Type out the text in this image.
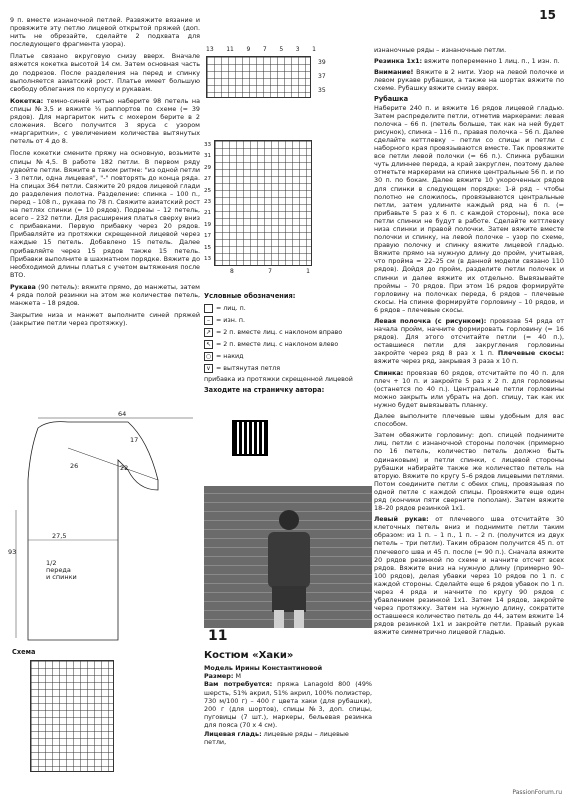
15

9 п. вместе изнаночной петлей. Развяжите вязание и провяжите эту петлю лицевой открытой пряжей (доп. нить не обрезайте, сделайте 2 подхвата для последующего фрагмента узора).

Платье связано вкруговую снизу вверх. Вначале вяжется кокетка высотой 14 см. Затем основная часть до подрезов. После разделения на перед и спинку выполняется азиатский рост. Платье имеет большую свободу облегания по корпусу и рукавам.

Кокетка: темно-синей нитью наберите 98 петель на спицы №3,5 и вяжите ¼ раппортов по схеме (= 39 рядов). Для маргариток нить с мохером берите в 2 сложения. Всего получится 3 яруса с узором «маргаритки», с увеличением количества вытянутых петель от 4 до 8.

После кокетки смените пряжу на основную, возьмите спицы №4,5. В работе 182 петли. В первом ряду удвойте петли. Вяжите в таком ритме: "из одной петли - 3 петли, одна лицевая", "-" повторять до конца ряда. На спицах 364 петли. Свяжите 20 рядов лицевой глади до разделения полотна. Разделение: спинка – 100 п., перед – 108 п., рукава по 78 п. Свяжите азиатский рост на петлях спинки (= 10 рядов). Подрезы – 12 петель, всего – 232 петли. Для расширения платья сверху вниз с прибавками. Первую прибавку через 20 рядов. Прибавляйте из протяжки скрещенной лицевой через каждые 15 петель. Добавлено 15 петель. Далее прибавляйте через 15 рядов также 15 петель. Прибавки выполните в шахматном порядке. Вяжите до необходимой длины платья с учетом вытяжения после ВТО.

Рукава (90 петель): вяжите прямо, до манжеты, затем 4 ряда полой резинки на этом же количестве петель, манжета – 18 рядов.

Закрытие низа и манжет выполните синей пряжей (закрытие петли через протяжку).

64
17
26	22
27,5
93
1/2
переда
и спинки
Схема
13 11 9 7 5 3 1
39
37
35
33
31
29
27
25
23
21
19
17
15
13
8	7	1
Условные обозначения:
= лиц. п.
– = изн. п.
↗ = 2 п. вместе лиц. с наклоном вправо
↖ = 2 п. вместе лиц. с наклоном влево
○ = накид
∨ = вытянутая петля
прибавка из протяжки скрещенной лицевой
Заходите на страничку автора:
11
Костюм «Хаки»
Модель Ирины Константиновой
Размер: M

Вам потребуется: пряжа Lanagold 800 (49% шерсть, 51% акрил, 51% акрил, 100% полиэстер, 730 м/100 г) – 400 г цвета хаки (для рубашки), 200 г (для шортов), спицы №3, доп. спицы, пуговицы (7 шт.), маркеры, бельевая резинка для пояса (70 х 4 см).

Лицевая гладь: лицевые ряды – лицевые петли,

изнаночные ряды – изнаночные петли.

Резинка 1х1: вяжите попеременно 1 лиц. п., 1 изн. п.

Внимание! Вяжите в 2 нити. Узор на левой полочке и левом рукаве рубашки, а также на шортах вяжите по схеме. Рубашку вяжите снизу вверх.

Рубашка

Наберите 240 п. и вяжите 16 рядов лицевой гладью. Затем распределите петли, отметив маркерами: левая полочка – 66 п. (петель больше, так как на ней будет рисунок), спинка – 116 п., правая полочка – 56 п. Далее сделайте кеттлевку – петли со спицы и петли с наборного края провязываются вместе. Так провяжите все петли левой полочки (= 66 п.). Спинка рубашки чуть длиннее переда, а край закруглен, поэтому далее отметьте маркерами на спинке центральные 56 п. и по 30 п. по бокам. Далее вяжите 10 укороченных рядов для спинки в следующем порядке: 1-й ряд – чтобы полотно не сложилось, провязываются центральные петли, затем удлините каждый ряд на 6 п. (= прибавьте 5 раз х 6 п. с каждой стороны), пока все петли спинки не будут в работе. Сделайте кеттлевку низа спинки и правой полочки. Затем вяжите вместе полочки и спинку, на левой полочке – узор по схеме, правую полочку и спинку вяжите лицевой гладью. Вяжите прямо на нужную длину до пройм, учитывая, что пройма = 22–25 см (в данной модели связано 110 рядов). Дойдя до пройм, разделите петли полочек и спинки и далее вяжите их отдельно. Вывязывайте проймы – 70 рядов. При этом 16 рядов формируйте горловину на полочках переда, 6 рядов – плечевые скосы. На спинке формируйте горловину – 10 рядов, и 6 рядов – плечевые скосы.

Левая полочка (с рисунком): провязав 54 ряда от начала пройм, начните формировать горловину (= 16 рядов). Для этого отсчитайте петли (= 40 п.), оставшиеся петли для закругления горловины закройте через ряд 8 раз х 1 п. Плечевые скосы: вяжите через ряд, закрывая 3 раза х 10 п.

Спинка: провязав 60 рядов, отсчитайте по 40 п. для плеч + 10 п. и закройте 5 раз х 2 п. для горловины (останется по 40 п.). Центральные петли горловины можно закрыть или убрать на доп. спицу, так как их нужно будет вывязывать планку.

Далее выполните плечевые швы удобным для вас способом.

Затем обвяжите горловину: доп. спицей поднимите лиц. петли с изнаночной стороны полочек (примерно по 16 петель, количество петель должно быть одинаковым) и петли спинки, с лицевой стороны рубашки набирайте также же количество петель на вторую. Вяжите по кругу 5–6 рядов лицевыми петлями. Потом соедините петли с обеих спиц, провязывая по одной петле с каждой спицы. Провяжите еще один ряд (кончики пяти сверните пополам). Затем вяжите 18–20 рядов резинкой 1х1.

Левый рукав: от плечевого шва отсчитайте 30 клеточных петель вниз и поднимите петли таким образом: из 1 п. – 1 п., 1 п. – 2 п. (получится из двух петель – три петли). Таким образом получится 45 п. от плечевого шва и 45 п. после (= 90 п.). Сначала вяжите 20 рядов резинкой по схеме и начните отсчет всех рядов. Вяжите вниз на нужную длину (примерно 90–100 рядов), делая убавки через 10 рядов по 1 п. с каждой стороны. Сделайте еще 6 рядов убавок по 1 п. через 4 ряда и начните по кругу 90 рядов с убавлением резинкой 1х1. Затем 14 рядов, закройте через протяжку. Затем на нужную длину, сократите оставшееся количество петель до 44, затем вяжите 14 рядов резинкой 1х1 и закройте петли. Правый рукав вяжите симметрично лицевой гладью.

PassionForum.ru
